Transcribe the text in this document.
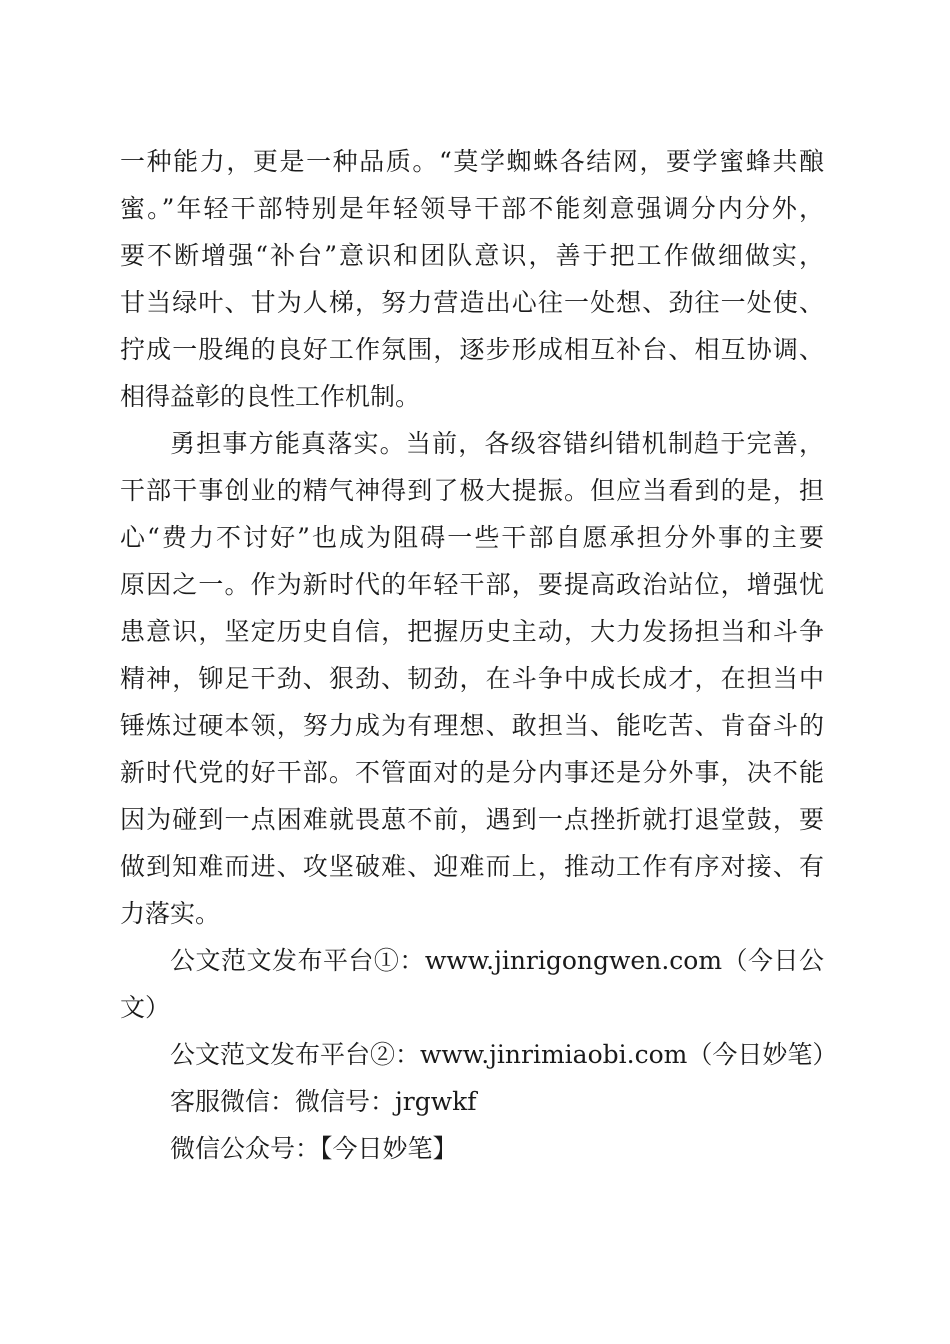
一种能力，更是一种品质。“莫学蜘蛛各结网，要学蜜蜂共酿
蜜。”年轻干部特别是年轻领导干部不能刻意强调分内分外，
要不断增强“补台”意识和团队意识，善于把工作做细做实，
甘当绿叶、甘为人梯，努力营造出心往一处想、劲往一处使、
拧成一股绳的良好工作氛围，逐步形成相互补台、相互协调、
相得益彰的良性工作机制。
勇担事方能真落实。当前，各级容错纠错机制趋于完善，
干部干事创业的精气神得到了极大提振。但应当看到的是，担
心“费力不讨好”也成为阻碍一些干部自愿承担分外事的主要
原因之一。作为新时代的年轻干部，要提高政治站位，增强忧
患意识，坚定历史自信，把握历史主动，大力发扬担当和斗争
精神，铆足干劲、狠劲、韧劲，在斗争中成长成才，在担当中
锤炼过硬本领，努力成为有理想、敢担当、能吃苦、肯奋斗的
新时代党的好干部。不管面对的是分内事还是分外事，决不能
因为碰到一点困难就畏葸不前，遇到一点挫折就打退堂鼓，要
做到知难而进、攻坚破难、迎难而上，推动工作有序对接、有
力落实。
公文范文发布平台①：www.jinrigongwen.com（今日公
文）
公文范文发布平台②：www.jinrimiaobi.com（今日妙笔）
客服微信：微信号：jrgwkf
微信公众号：【今日妙笔】
